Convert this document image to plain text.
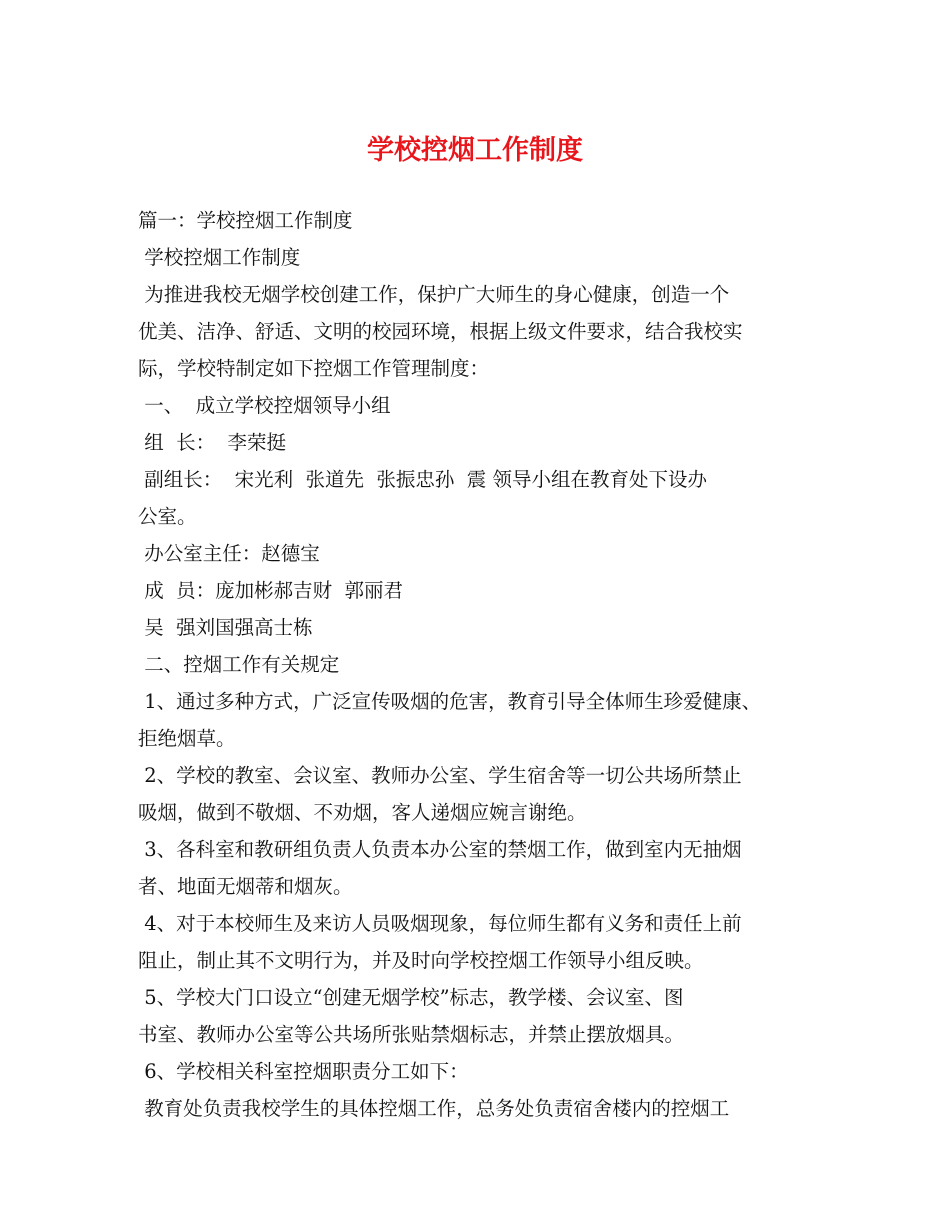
学校控烟工作制度
篇一：学校控烟工作制度
学校控烟工作制度
为推进我校无烟学校创建工作，保护广大师生的身心健康，创造一个
优美、洁净、舒适、文明的校园环境，根据上级文件要求，结合我校实
际，学校特制定如下控烟工作管理制度：
一、  成立学校控烟领导小组
组  长：  李荣挺
副组长：  宋光利  张道先  张振忠孙  震 领导小组在教育处下设办
公室。
办公室主任：赵德宝
成  员：庞加彬郝吉财  郭丽君
吴  强刘国强高士栋
二、控烟工作有关规定
1、通过多种方式，广泛宣传吸烟的危害，教育引导全体师生珍爱健康、
拒绝烟草。
2、学校的教室、会议室、教师办公室、学生宿舍等一切公共场所禁止
吸烟，做到不敬烟、不劝烟，客人递烟应婉言谢绝。
3、各科室和教研组负责人负责本办公室的禁烟工作，做到室内无抽烟
者、地面无烟蒂和烟灰。
4、对于本校师生及来访人员吸烟现象，每位师生都有义务和责任上前
阻止，制止其不文明行为，并及时向学校控烟工作领导小组反映。
5、学校大门口设立“创建无烟学校”标志，教学楼、会议室、图
书室、教师办公室等公共场所张贴禁烟标志，并禁止摆放烟具。
6、学校相关科室控烟职责分工如下：
教育处负责我校学生的具体控烟工作，总务处负责宿舍楼内的控烟工
